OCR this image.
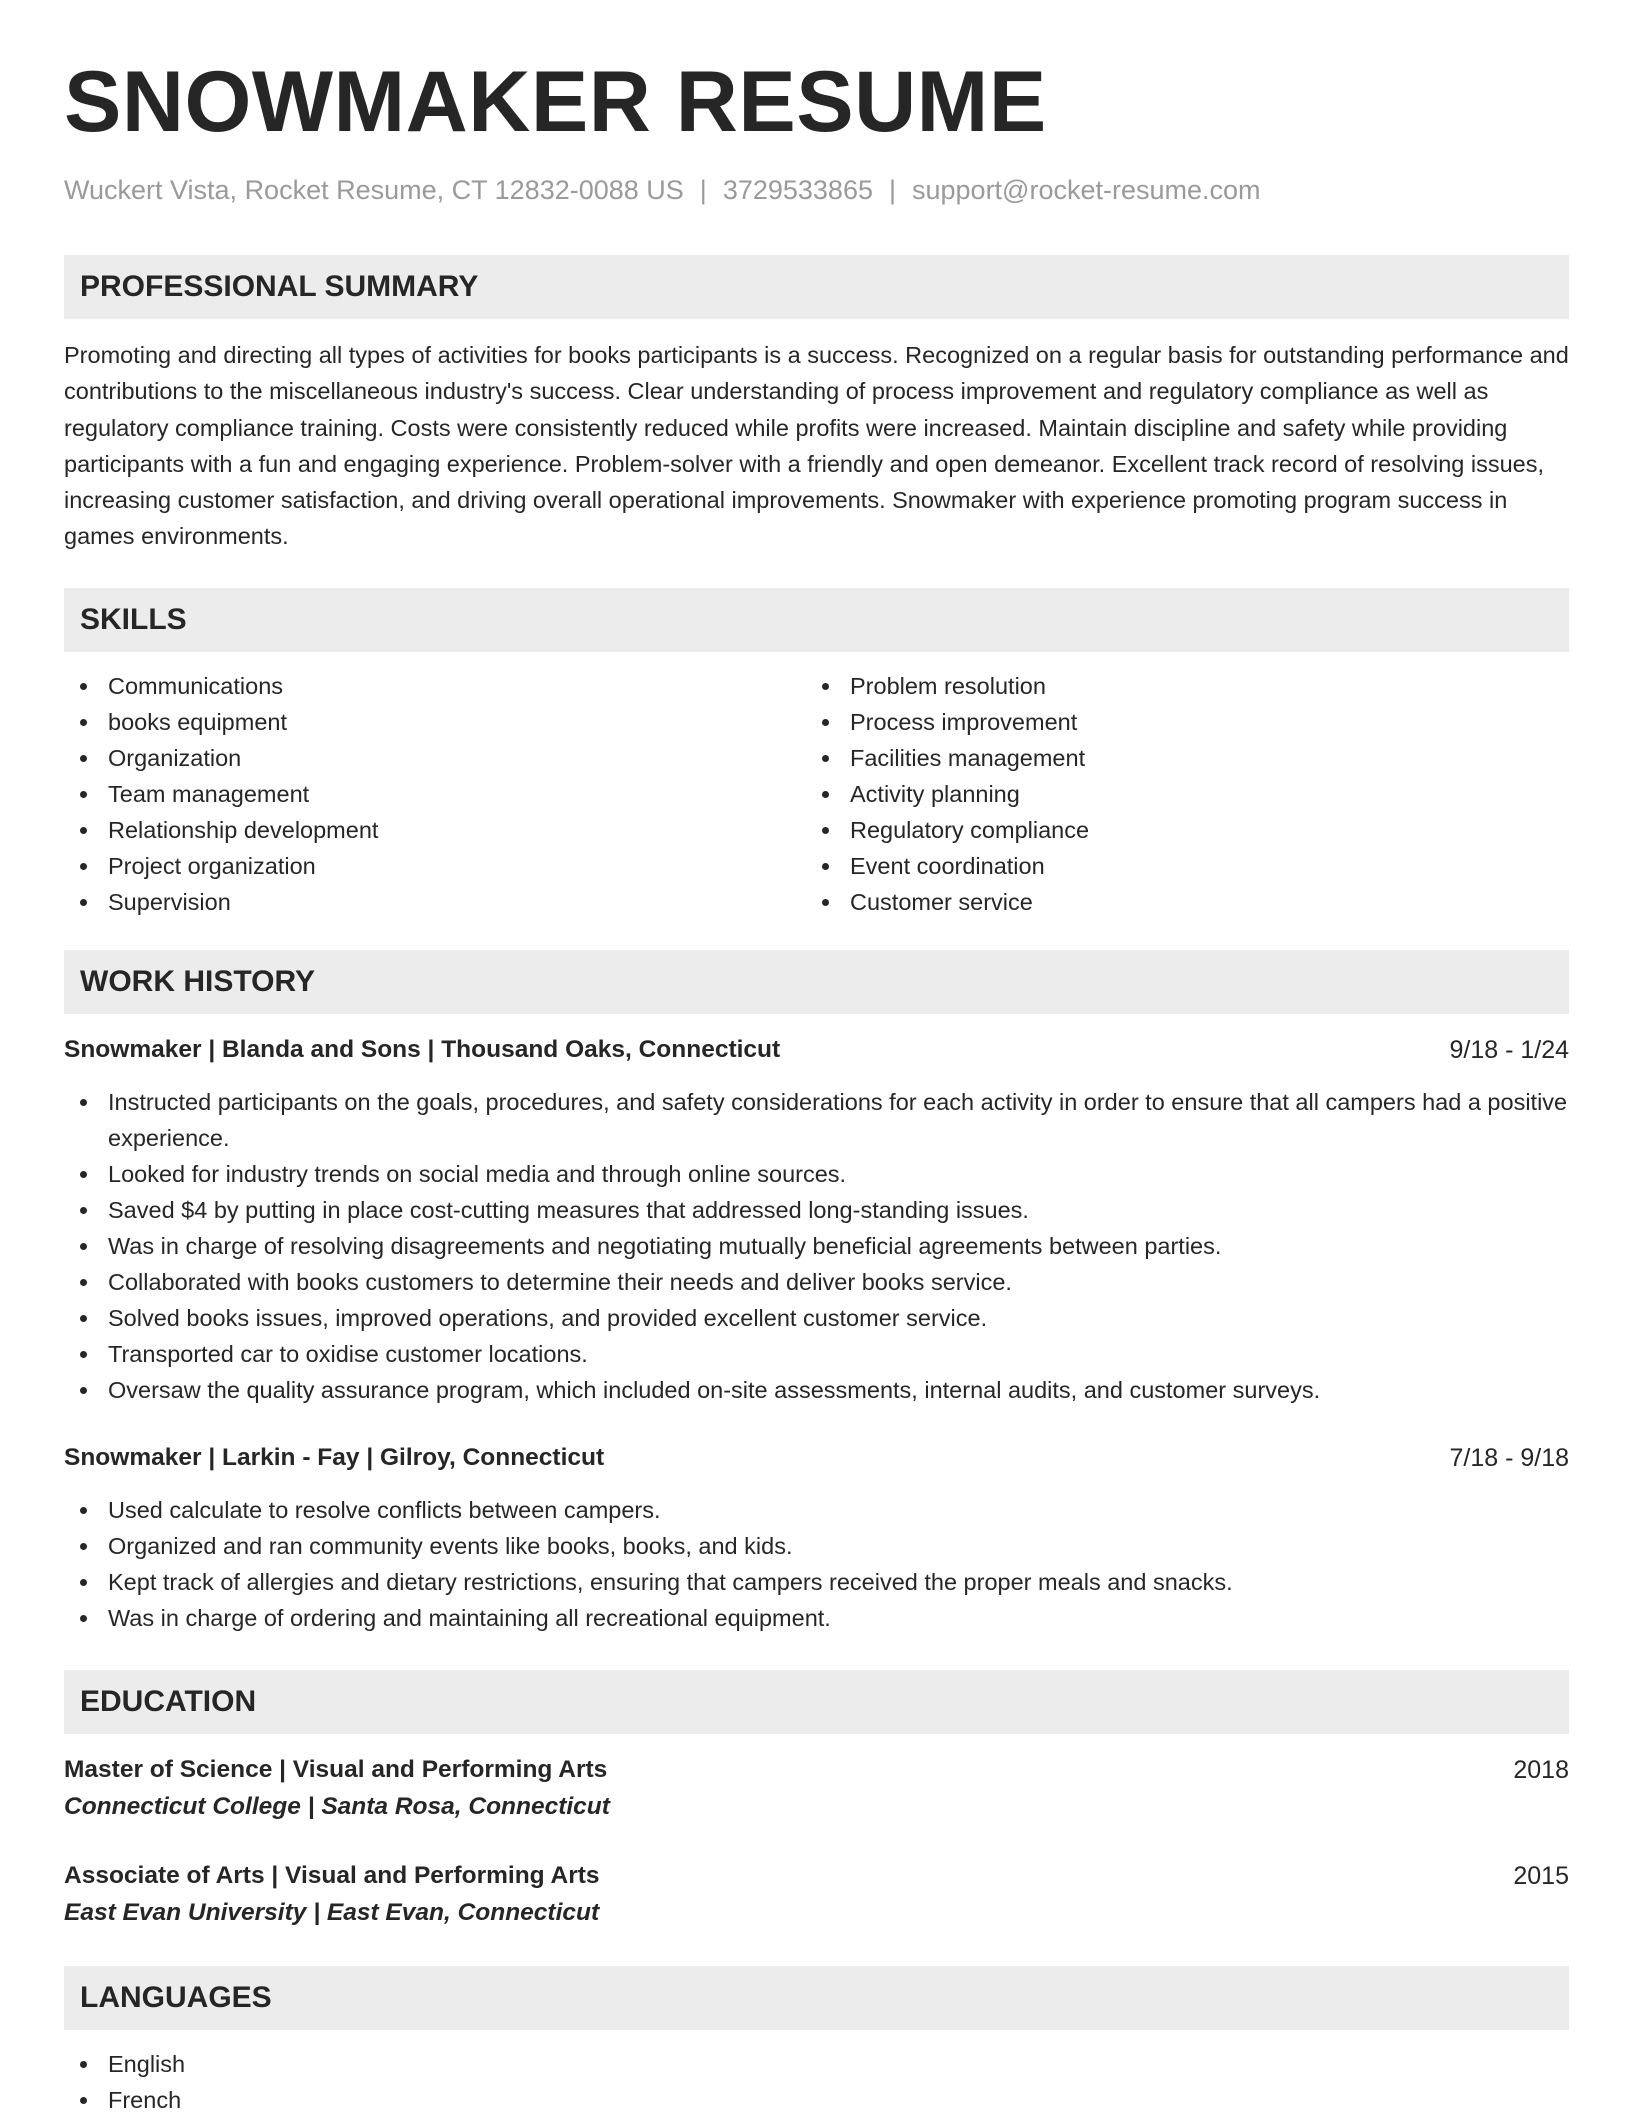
SNOWMAKER RESUME
Wuckert Vista, Rocket Resume, CT 12832-0088 US | 3729533865 | support@rocket-resume.com
PROFESSIONAL SUMMARY

Promoting and directing all types of activities for books participants is a success. Recognized on a regular basis for outstanding performance and contributions to the miscellaneous industry's success. Clear understanding of process improvement and regulatory compliance as well as regulatory compliance training. Costs were consistently reduced while profits were increased. Maintain discipline and safety while providing participants with a fun and engaging experience. Problem-solver with a friendly and open demeanor. Excellent track record of resolving issues, increasing customer satisfaction, and driving overall operational improvements. Snowmaker with experience promoting program success in games environments.

SKILLS
Communications
books equipment
Organization
Team management
Relationship development
Project organization
Supervision
Problem resolution
Process improvement
Facilities management
Activity planning
Regulatory compliance
Event coordination
Customer service
WORK HISTORY
Snowmaker | Blanda and Sons | Thousand Oaks, Connecticut	9/18 - 1/24
Instructed participants on the goals, procedures, and safety considerations for each activity in order to ensure that all campers had a positive experience.
Looked for industry trends on social media and through online sources.
Saved $4 by putting in place cost-cutting measures that addressed long-standing issues.
Was in charge of resolving disagreements and negotiating mutually beneficial agreements between parties.
Collaborated with books customers to determine their needs and deliver books service.
Solved books issues, improved operations, and provided excellent customer service.
Transported car to oxidise customer locations.
Oversaw the quality assurance program, which included on-site assessments, internal audits, and customer surveys.
Snowmaker | Larkin - Fay | Gilroy, Connecticut	7/18 - 9/18
Used calculate to resolve conflicts between campers.
Organized and ran community events like books, books, and kids.
Kept track of allergies and dietary restrictions, ensuring that campers received the proper meals and snacks.
Was in charge of ordering and maintaining all recreational equipment.
EDUCATION
Master of Science | Visual and Performing Arts	2018
Connecticut College | Santa Rosa, Connecticut
Associate of Arts | Visual and Performing Arts	2015
East Evan University | East Evan, Connecticut
LANGUAGES
English
French
